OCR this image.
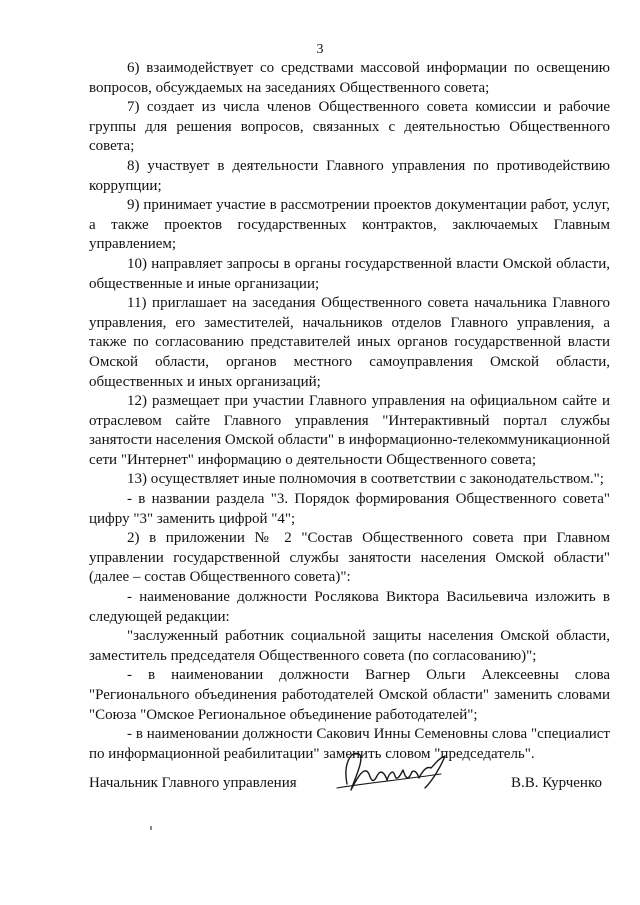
3

6) взаимодействует со средствами массовой информации по освещению вопросов, обсуждаемых на заседаниях Общественного совета;

7) создает из числа членов Общественного совета комиссии и рабочие группы для решения вопросов, связанных с деятельностью Общественного совета;

8) участвует в деятельности Главного управления по противодействию коррупции;

9) принимает участие в рассмотрении проектов документации работ, услуг, а также проектов государственных контрактов, заключаемых Главным управлением;

10) направляет запросы в органы государственной власти Омской области, общественные и иные организации;

11) приглашает на заседания Общественного совета начальника Главного управления, его заместителей, начальников отделов Главного управления, а также по согласованию представителей иных органов государственной власти Омской области, органов местного самоуправления Омской области, общественных и иных организаций;

12) размещает при участии Главного управления на официальном сайте и отраслевом сайте Главного управления "Интерактивный портал службы занятости населения Омской области" в информационно-телекоммуникационной сети "Интернет" информацию о деятельности Общественного совета;

13) осуществляет иные полномочия в соответствии с законодательством.";

- в названии раздела "3. Порядок формирования Общественного совета" цифру "3" заменить цифрой "4";

2) в приложении № 2 "Состав Общественного совета при Главном управлении государственной службы занятости населения Омской области" (далее – состав Общественного совета)":

- наименование должности Рослякова Виктора Васильевича изложить в следующей редакции:

"заслуженный работник социальной защиты населения Омской области, заместитель председателя Общественного совета (по согласованию)";

- в наименовании должности Вагнер Ольги Алексеевны слова "Регионального объединения работодателей Омской области" заменить словами "Союза "Омское Региональное объединение работодателей";

- в наименовании должности Сакович Инны Семеновны слова "специалист по информационной реабилитации" заменить словом "председатель".

Начальник Главного управления	В.В. Курченко
